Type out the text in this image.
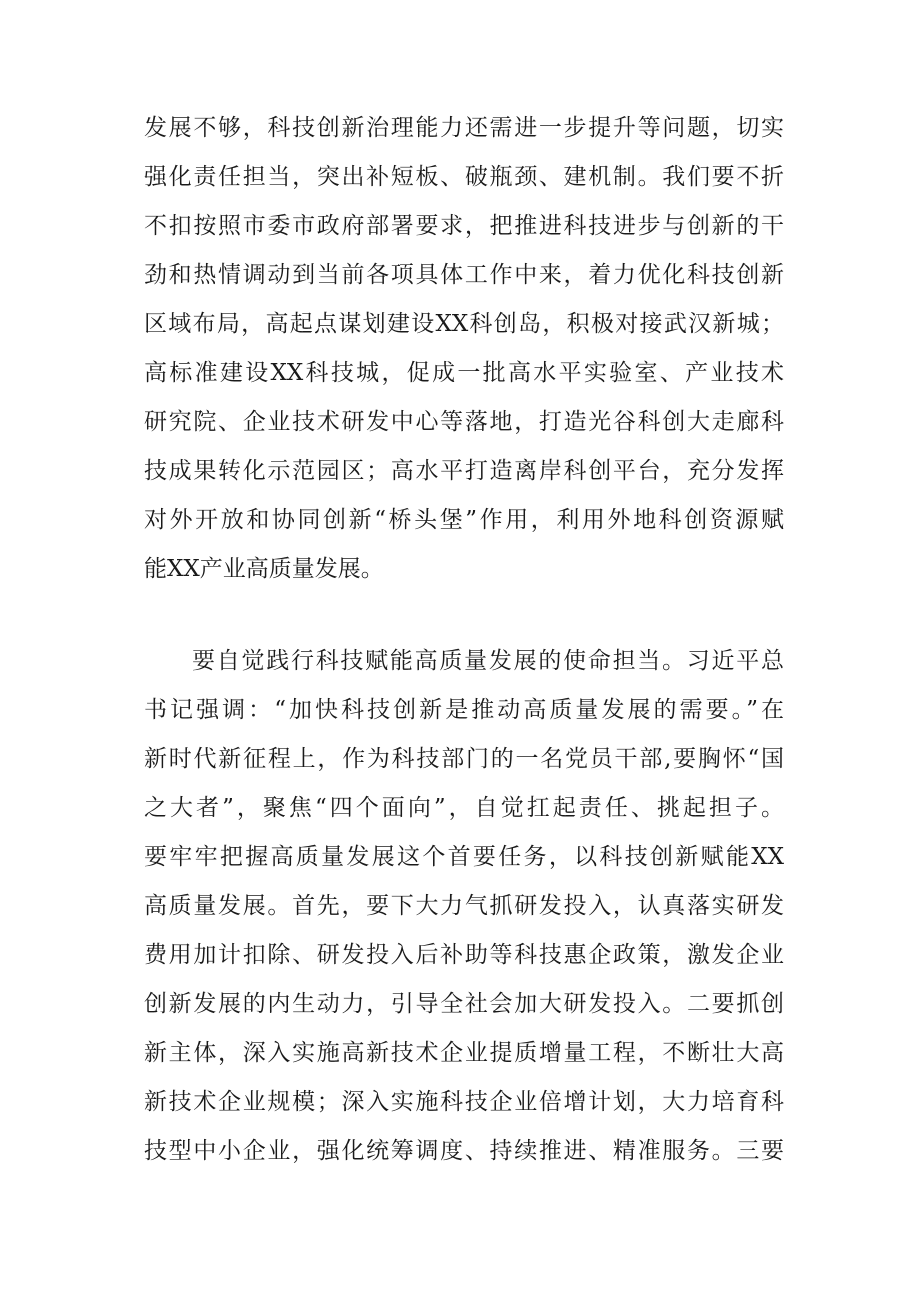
发展不够，科技创新治理能力还需进一步提升等问题，切实

强化责任担当，突出补短板、破瓶颈、建机制。我们要不折

不扣按照市委市政府部署要求，把推进科技进步与创新的干

劲和热情调动到当前各项具体工作中来，着力优化科技创新

区域布局，高起点谋划建设XX科创岛，积极对接武汉新城；

高标准建设XX科技城，促成一批高水平实验室、产业技术

研究院、企业技术研发中心等落地，打造光谷科创大走廊科

技成果转化示范园区；高水平打造离岸科创平台，充分发挥

对外开放和协同创新“桥头堡”作用，利用外地科创资源赋

能XX产业高质量发展。

要自觉践行科技赋能高质量发展的使命担当。习近平总

书记强调：“加快科技创新是推动高质量发展的需要。”在

新时代新征程上，作为科技部门的一名党员干部,要胸怀“国

之大者”，聚焦“四个面向”，自觉扛起责任、挑起担子。

要牢牢把握高质量发展这个首要任务，以科技创新赋能XX

高质量发展。首先，要下大力气抓研发投入，认真落实研发

费用加计扣除、研发投入后补助等科技惠企政策，激发企业

创新发展的内生动力，引导全社会加大研发投入。二要抓创

新主体，深入实施高新技术企业提质增量工程，不断壮大高

新技术企业规模；深入实施科技企业倍增计划，大力培育科

技型中小企业，强化统筹调度、持续推进、精准服务。三要
